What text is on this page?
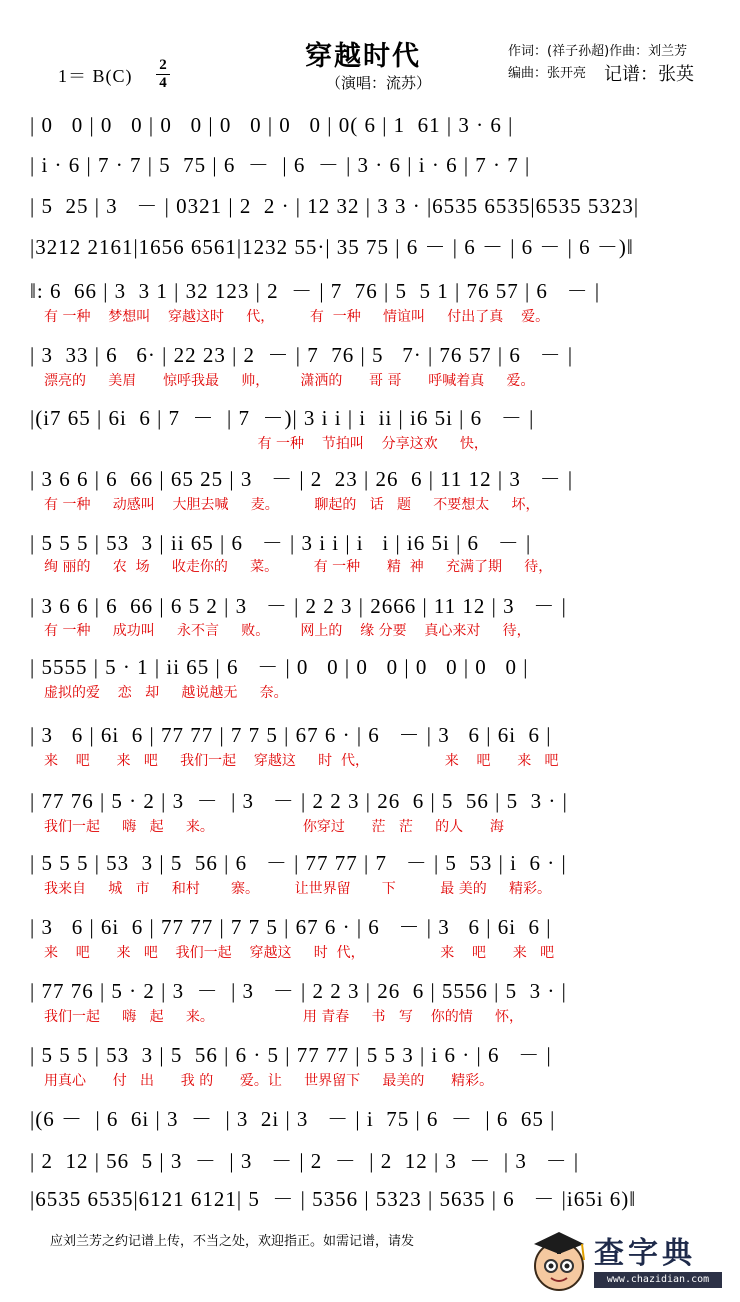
1＝ B(C)
2
4
穿越时代
（演唱：流苏）
作词：(祥子孙超)作曲：刘兰芳
编曲：张开亮 记谱：张英
| 0   0 | 0   0 | 0   0 | 0   0 | 0   0 | 0( 6 | 1  61 | 3 · 6 |
| i · 6 | 7 · 7 | 5  75 | 6  －  | 6  － | 3 · 6 | i · 6 | 7 · 7 |
| 5  25 | 3   － | 0321 | 2  2 · | 12 32 | 3 3 · |6535 6535|6535 5323|
|3212 2161|1656 6561|1232 55·| 35 75 | 6 － | 6 － | 6 － | 6 －)‖
‖: 6  66 | 3  3 1 | 32 123 | 2  － | 7  76 | 5  5 1 | 76 57 | 6   － |
有 一种    梦想叫    穿越这时     代，        有  一种     情谊叫     付出了真    爱。
| 3  33 | 6   6· | 22 23 | 2  － | 7  76 | 5   7· | 76 57 | 6   － |
漂亮的     美眉      惊呼我最     帅，       潇洒的      哥 哥      呼喊着真     爱。
|(i7 65 | 6i  6 | 7  －  | 7  －)| 3 i i | i  ii | i6 5i | 6   － |
有 一种    节拍叫    分享这欢     快，
| 3 6 6 | 6  66 | 65 25 | 3   － | 2  23 | 26  6 | 11 12 | 3   － |
有 一种     动感叫    大胆去喊     麦。        聊起的   话   题     不要想太     坏，
| 5 5 5 | 53  3 | ii 65 | 6   － | 3 i i | i   i | i6 5i | 6   － |
绚 丽的     农  场     收走你的     菜。        有 一种      精  神     充满了期     待，
| 3 6 6 | 6  66 | 6 5 2 | 3   － | 2 2 3 | 2666 | 11 12 | 3   － |
有 一种     成功叫     永不言     败。       网上的    缘 分要    真心来对     待，
| 5555 | 5 · 1 | ii 65 | 6   － | 0   0 | 0   0 | 0   0 | 0   0 |
虚拟的爱    恋   却     越说越无     奈。
| 3   6 | 6i  6 | 77 77 | 7 7 5 | 67 6 · | 6   － | 3   6 | 6i  6 |
来    吧      来   吧     我们一起    穿越这     时  代，                 来    吧      来   吧
| 77 76 | 5 · 2 | 3  －  | 3   － | 2 2 3 | 26  6 | 5  56 | 5  3 · |
我们一起     嗨   起     来。                    你穿过      茫   茫     的人      海
| 5 5 5 | 53  3 | 5  56 | 6   － | 77 77 | 7   － | 5  53 | i  6 · |
我来自     城   市     和村       寨。        让世界留       下          最 美的     精彩。
| 3   6 | 6i  6 | 77 77 | 7 7 5 | 67 6 · | 6   － | 3   6 | 6i  6 |
来    吧      来   吧    我们一起    穿越这     时  代，                 来    吧      来   吧
| 77 76 | 5 · 2 | 3  －  | 3   － | 2 2 3 | 26  6 | 5556 | 5  3 · |
我们一起     嗨   起     来。                    用 青春     书   写    你的情     怀，
| 5 5 5 | 53  3 | 5  56 | 6 · 5 | 77 77 | 5 5 3 | i 6 · | 6   － |
用真心      付   出      我 的      爱。让     世界留下     最美的      精彩。
|(6 －  | 6  6i | 3  －  | 3  2i | 3   － | i  75 | 6  －  | 6  65 |
| 2  12 | 56  5 | 3  －  | 3   － | 2  －  | 2  12 | 3  －  | 3   － |
|6535 6535|6121 6121| 5  － | 5356 | 5323 | 5635 | 6   － |i65i 6)‖
应刘兰芳之约记谱上传，不当之处，欢迎指正。如需记谱，请发	查字典
www.chazidian.com
